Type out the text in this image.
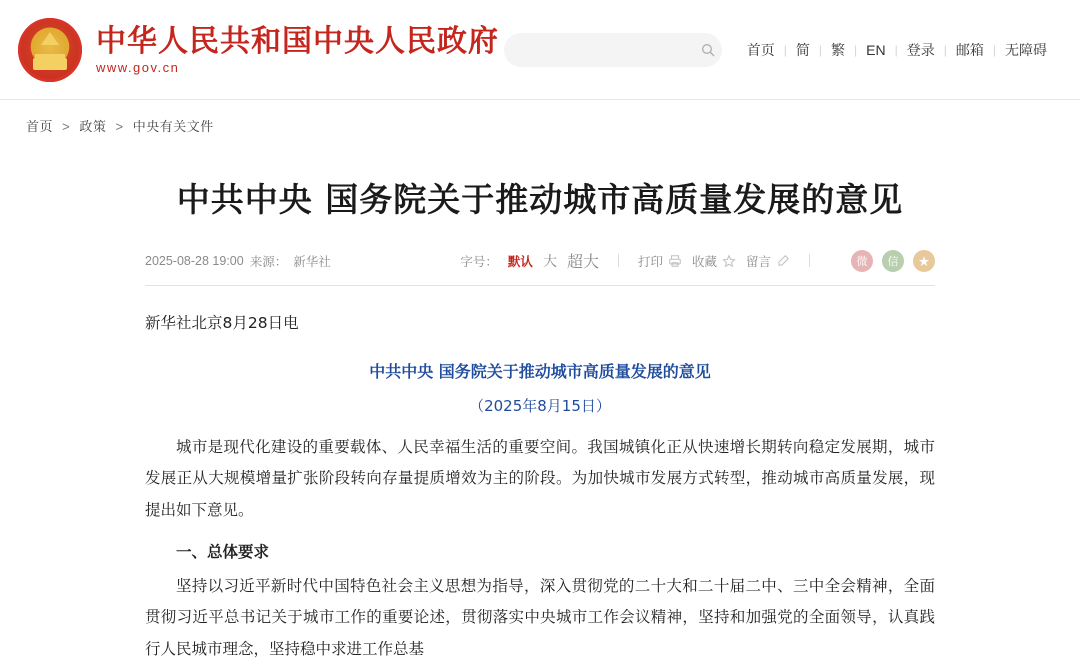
中华人民共和国中央人民政府
www.gov.cn
首页 | 简 | 繁 | EN | 登录 | 邮箱 | 无障碍
首页 > 政策 > 中央有关文件
中共中央 国务院关于推动城市高质量发展的意见
2025-08-28 19:00 来源： 新华社	字号： 默认 大 超大	打印 收藏 留言	微	信	★

新华社北京8月28日电

中共中央 国务院关于推动城市高质量发展的意见

（2025年8月15日）

城市是现代化建设的重要载体、人民幸福生活的重要空间。我国城镇化正从快速增长期转向稳定发展期，城市发展正从大规模增量扩张阶段转向存量提质增效为主的阶段。为加快城市发展方式转型，推动城市高质量发展，现提出如下意见。

一、总体要求

坚持以习近平新时代中国特色社会主义思想为指导，深入贯彻党的二十大和二十届二中、三中全会精神，全面贯彻习近平总书记关于城市工作的重要论述，贯彻落实中央城市工作会议精神，坚持和加强党的全面领导，认真践行人民城市理念，坚持稳中求进工作总基
